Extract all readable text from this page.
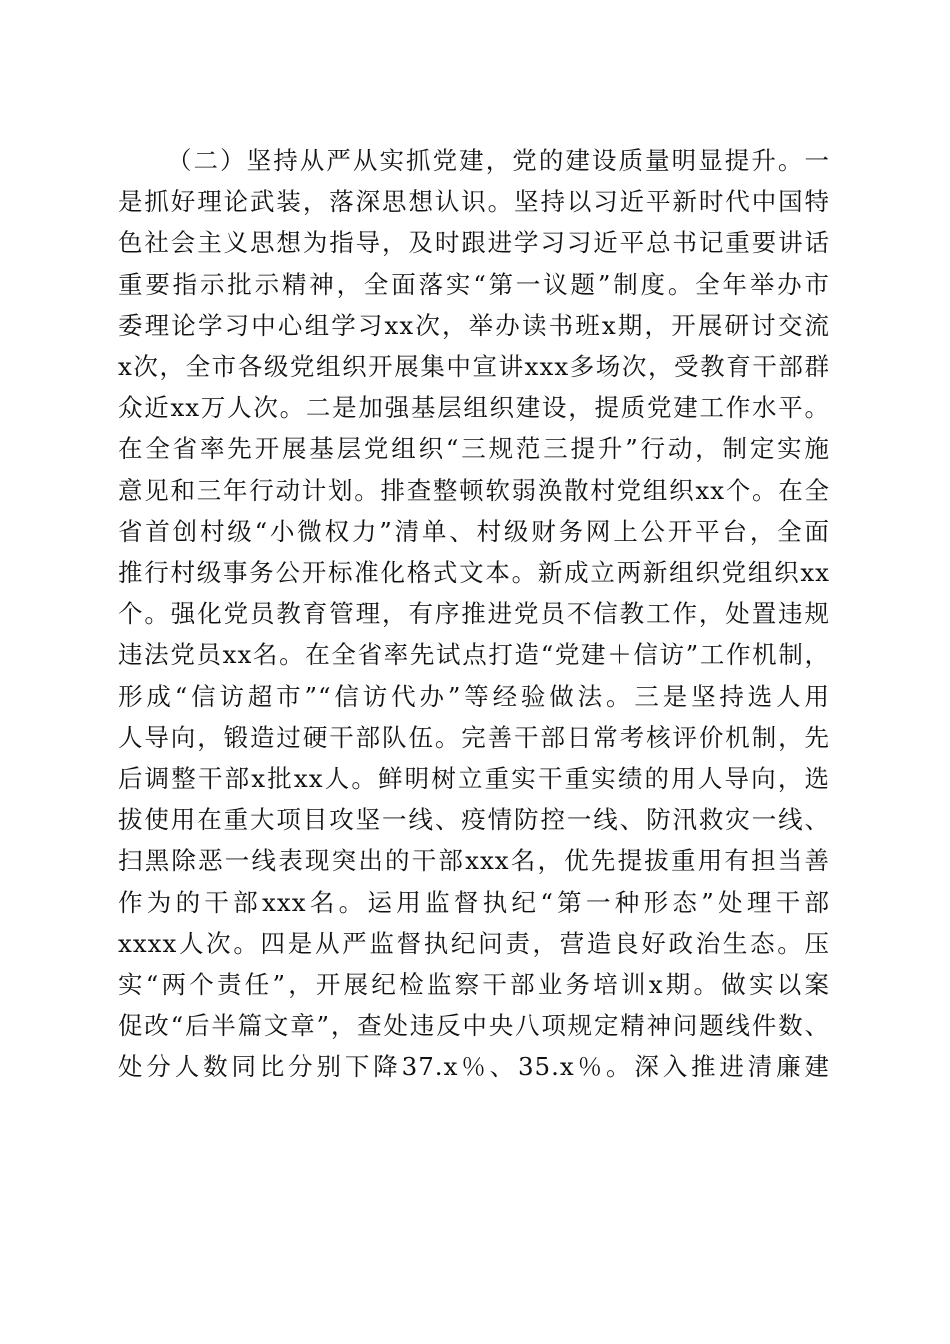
（二）坚持从严从实抓党建，党的建设质量明显提升。一
是抓好理论武装，落深思想认识。坚持以习近平新时代中国特
色社会主义思想为指导，及时跟进学习习近平总书记重要讲话
重要指示批示精神，全面落实“第一议题”制度。全年举办市
委理论学习中心组学习xx次，举办读书班x期，开展研讨交流
x次，全市各级党组织开展集中宣讲xxx多场次，受教育干部群
众近xx万人次。二是加强基层组织建设，提质党建工作水平。
在全省率先开展基层党组织“三规范三提升”行动，制定实施
意见和三年行动计划。排查整顿软弱涣散村党组织xx个。在全
省首创村级“小微权力”清单、村级财务网上公开平台，全面
推行村级事务公开标准化格式文本。新成立两新组织党组织xx
个。强化党员教育管理，有序推进党员不信教工作，处置违规
违法党员xx名。在全省率先试点打造“党建＋信访”工作机制，
形成“信访超市”“信访代办”等经验做法。三是坚持选人用
人导向，锻造过硬干部队伍。完善干部日常考核评价机制，先
后调整干部x批xx人。鲜明树立重实干重实绩的用人导向，选
拔使用在重大项目攻坚一线、疫情防控一线、防汛救灾一线、
扫黑除恶一线表现突出的干部xxx名，优先提拔重用有担当善
作为的干部xxx名。运用监督执纪“第一种形态”处理干部
xxxx人次。四是从严监督执纪问责，营造良好政治生态。压
实“两个责任”，开展纪检监察干部业务培训x期。做实以案
促改“后半篇文章”，查处违反中央八项规定精神问题线件数、
处分人数同比分别下降37.x％、35.x％。深入推进清廉建
